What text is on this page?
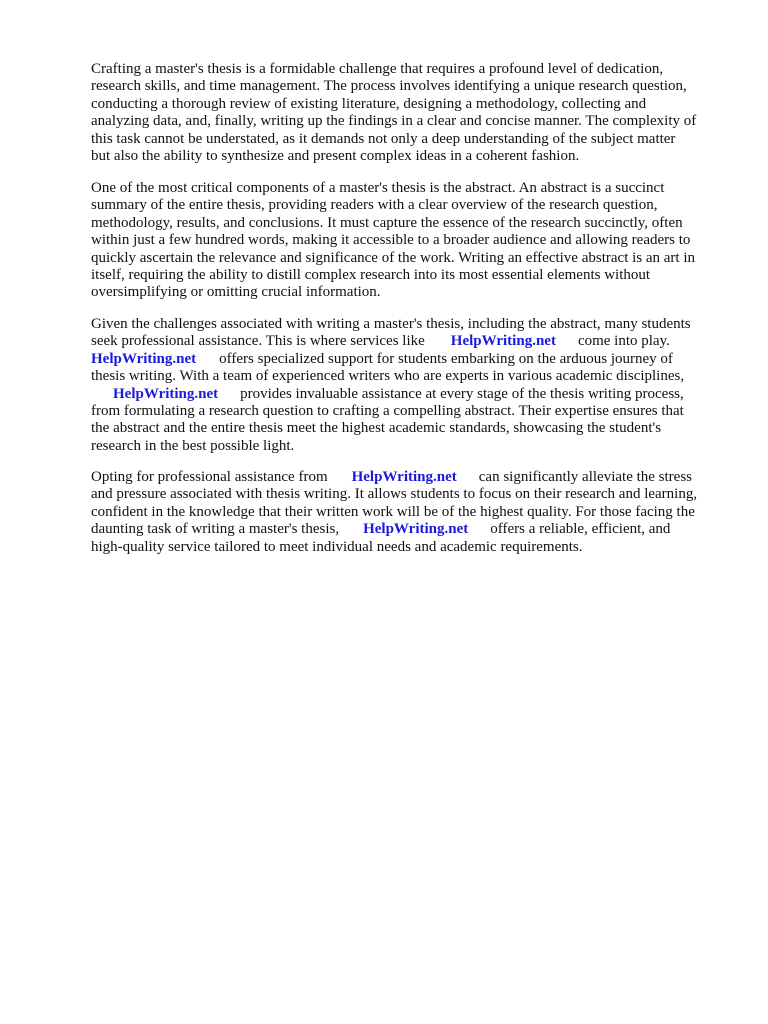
Crafting a master's thesis is a formidable challenge that requires a profound level of dedication,
research skills, and time management. The process involves identifying a unique research question,
conducting a thorough review of existing literature, designing a methodology, collecting and
analyzing data, and, finally, writing up the findings in a clear and concise manner. The complexity of
this task cannot be understated, as it demands not only a deep understanding of the subject matter
but also the ability to synthesize and present complex ideas in a coherent fashion.
One of the most critical components of a master's thesis is the abstract. An abstract is a succinct
summary of the entire thesis, providing readers with a clear overview of the research question,
methodology, results, and conclusions. It must capture the essence of the research succinctly, often
within just a few hundred words, making it accessible to a broader audience and allowing readers to
quickly ascertain the relevance and significance of the work. Writing an effective abstract is an art in
itself, requiring the ability to distill complex research into its most essential elements without
oversimplifying or omitting crucial information.
Given the challenges associated with writing a master's thesis, including the abstract, many students
seek professional assistance. This is where services like HelpWriting.net come into play.
HelpWriting.net offers specialized support for students embarking on the arduous journey of
thesis writing. With a team of experienced writers who are experts in various academic disciplines,
HelpWriting.net provides invaluable assistance at every stage of the thesis writing process,
from formulating a research question to crafting a compelling abstract. Their expertise ensures that
the abstract and the entire thesis meet the highest academic standards, showcasing the student's
research in the best possible light.
Opting for professional assistance from HelpWriting.net can significantly alleviate the stress
and pressure associated with thesis writing. It allows students to focus on their research and learning,
confident in the knowledge that their written work will be of the highest quality. For those facing the
daunting task of writing a master's thesis, HelpWriting.net offers a reliable, efficient, and
high-quality service tailored to meet individual needs and academic requirements.
